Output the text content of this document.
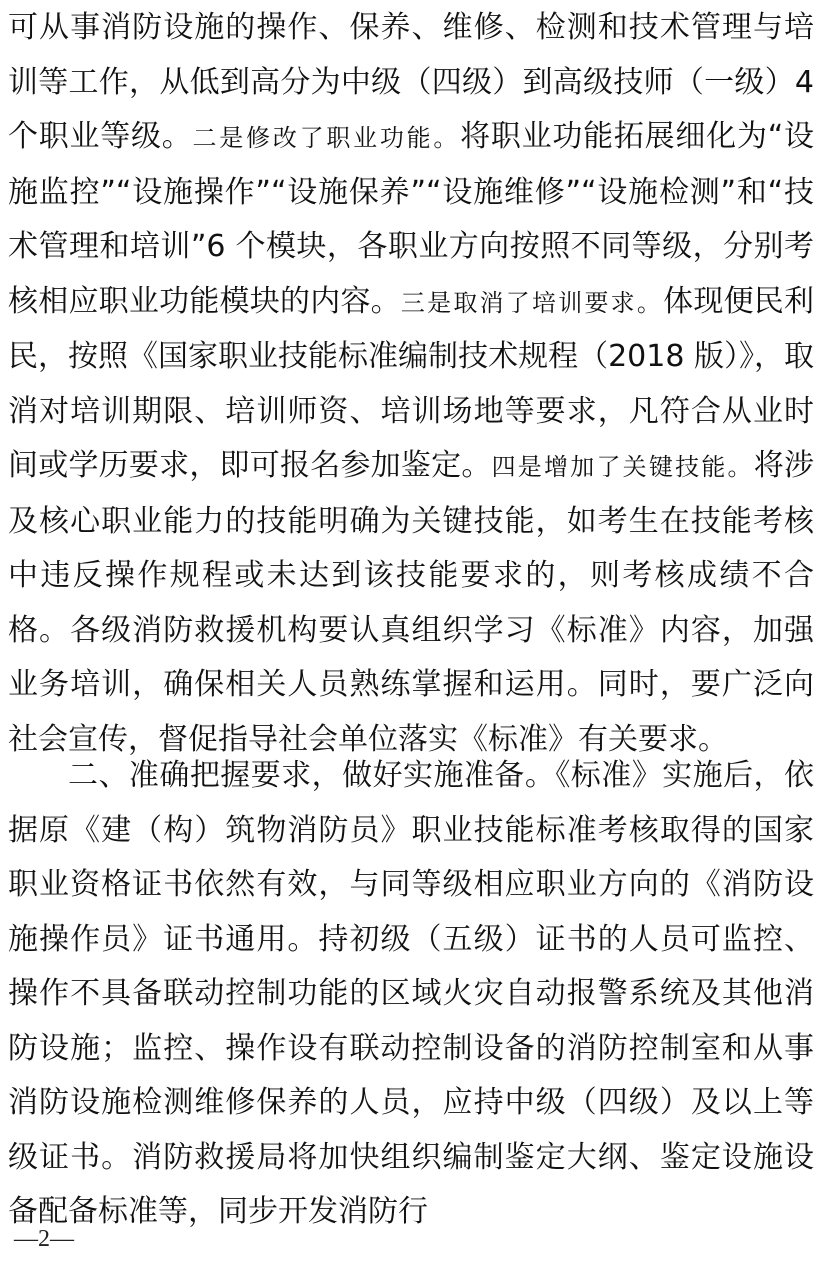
可从事消防设施的操作、保养、维修、检测和技术管理与培训等工作，从低到高分为中级（四级）到高级技师（一级）4 个职业等级。二是修改了职业功能。将职业功能拓展细化为“设施监控”“设施操作”“设施保养”“设施维修”“设施检测”和“技术管理和培训”6 个模块，各职业方向按照不同等级，分别考核相应职业功能模块的内容。三是取消了培训要求。体现便民利民，按照《国家职业技能标准编制技术规程（2018 版）》，取消对培训期限、培训师资、培训场地等要求，凡符合从业时间或学历要求，即可报名参加鉴定。四是增加了关键技能。将涉及核心职业能力的技能明确为关键技能，如考生在技能考核中违反操作规程或未达到该技能要求的，则考核成绩不合格。各级消防救援机构要认真组织学习《标准》内容，加强业务培训，确保相关人员熟练掌握和运用。同时，要广泛向社会宣传，督促指导社会单位落实《标准》有关要求。

二、准确把握要求，做好实施准备。《标准》实施后，依据原《建（构）筑物消防员》职业技能标准考核取得的国家职业资格证书依然有效，与同等级相应职业方向的《消防设施操作员》证书通用。持初级（五级）证书的人员可监控、操作不具备联动控制功能的区域火灾自动报警系统及其他消防设施；监控、操作设有联动控制设备的消防控制室和从事消防设施检测维修保养的人员，应持中级（四级）及以上等级证书。消防救援局将加快组织编制鉴定大纲、鉴定设施设备配备标准等，同步开发消防行

—2—
